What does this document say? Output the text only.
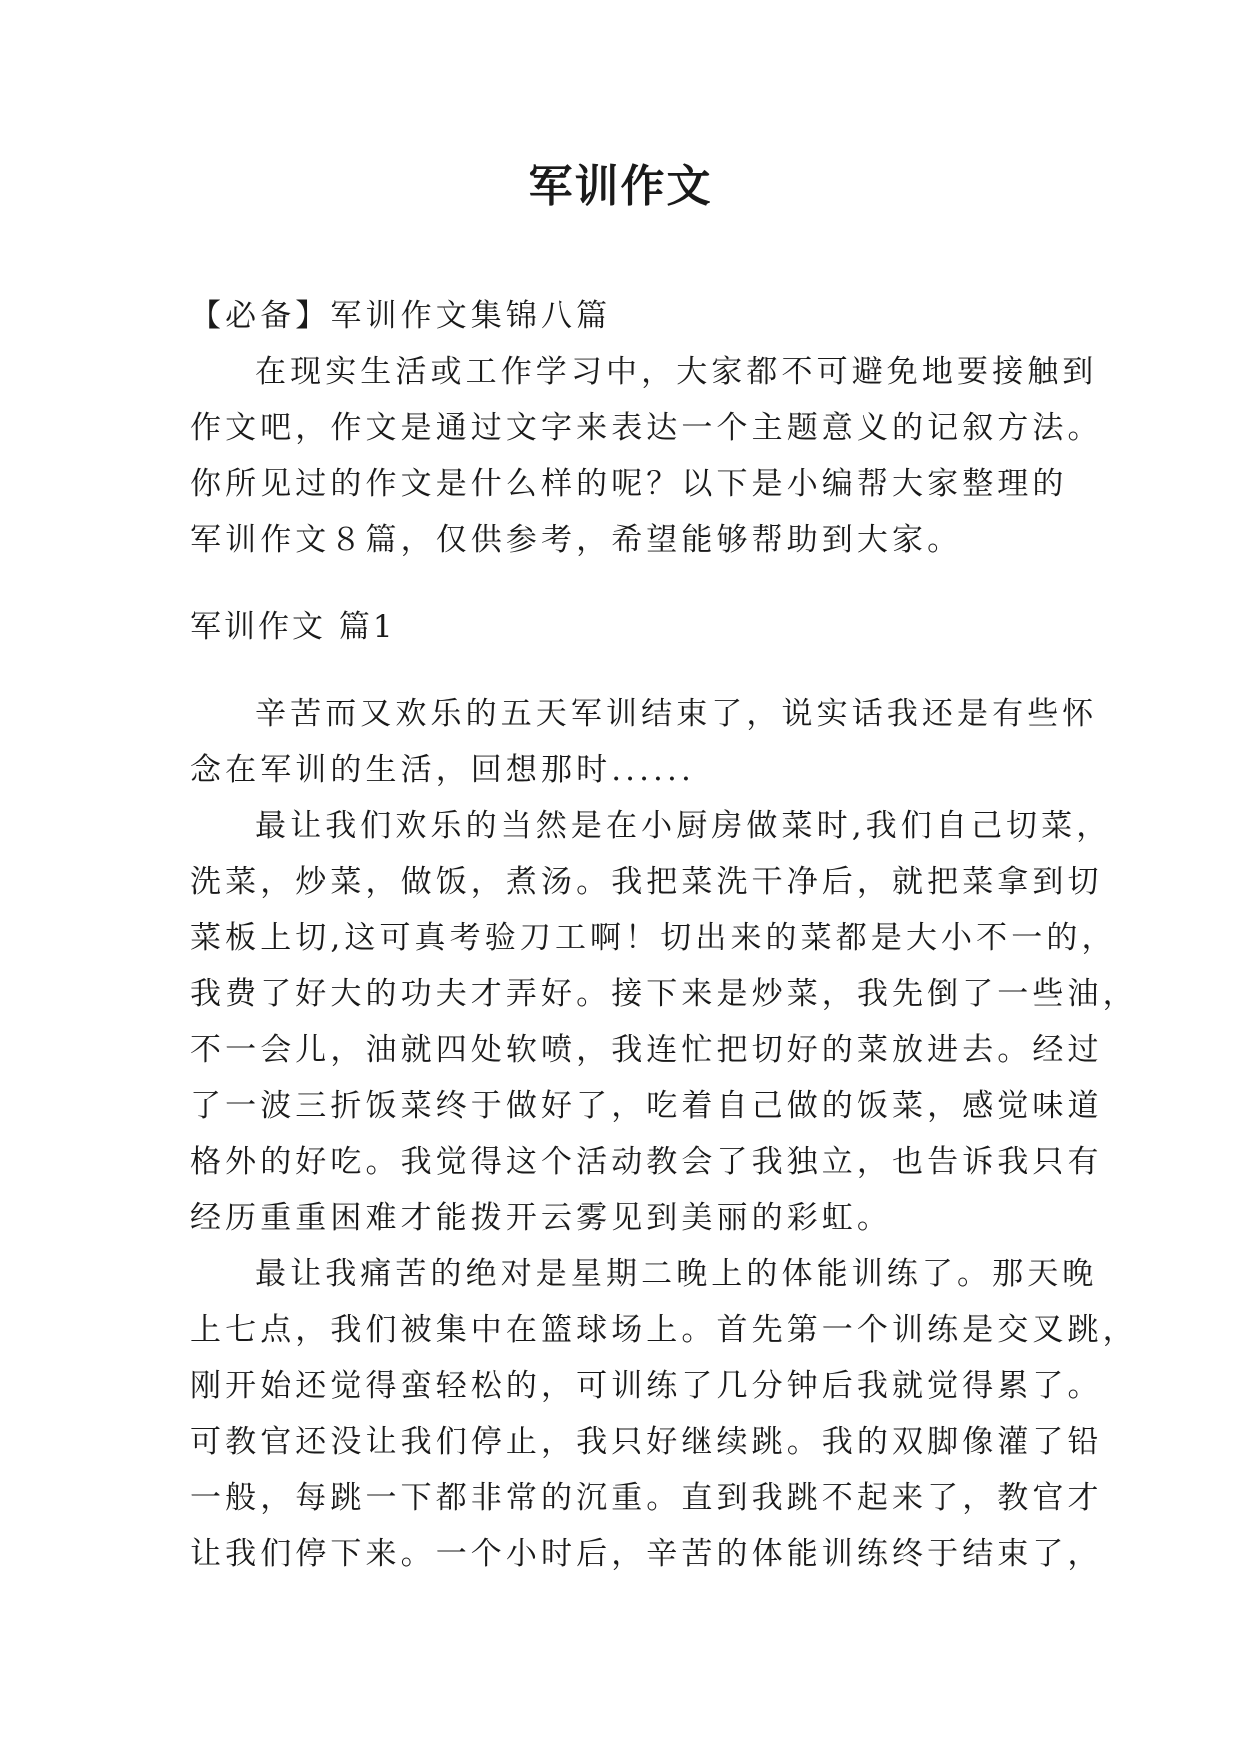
军训作文

【必备】军训作文集锦八篇

在现实生活或工作学习中，大家都不可避免地要接触到

作文吧，作文是通过文字来表达一个主题意义的记叙方法。

你所见过的作文是什么样的呢？以下是小编帮大家整理的

军训作文８篇，仅供参考，希望能够帮助到大家。

军训作文 篇1

辛苦而又欢乐的五天军训结束了，说实话我还是有些怀

念在军训的生活，回想那时......

最让我们欢乐的当然是在小厨房做菜时,我们自己切菜，

洗菜，炒菜，做饭，煮汤。我把菜洗干净后，就把菜拿到切

菜板上切,这可真考验刀工啊！切出来的菜都是大小不一的，

我费了好大的功夫才弄好。接下来是炒菜，我先倒了一些油，

不一会儿，油就四处软喷，我连忙把切好的菜放进去。经过

了一波三折饭菜终于做好了，吃着自己做的饭菜，感觉味道

格外的好吃。我觉得这个活动教会了我独立，也告诉我只有

经历重重困难才能拨开云雾见到美丽的彩虹。

最让我痛苦的绝对是星期二晚上的体能训练了。那天晚

上七点，我们被集中在篮球场上。首先第一个训练是交叉跳，

刚开始还觉得蛮轻松的，可训练了几分钟后我就觉得累了。

可教官还没让我们停止，我只好继续跳。我的双脚像灌了铅

一般，每跳一下都非常的沉重。直到我跳不起来了，教官才

让我们停下来。一个小时后，辛苦的体能训练终于结束了，
